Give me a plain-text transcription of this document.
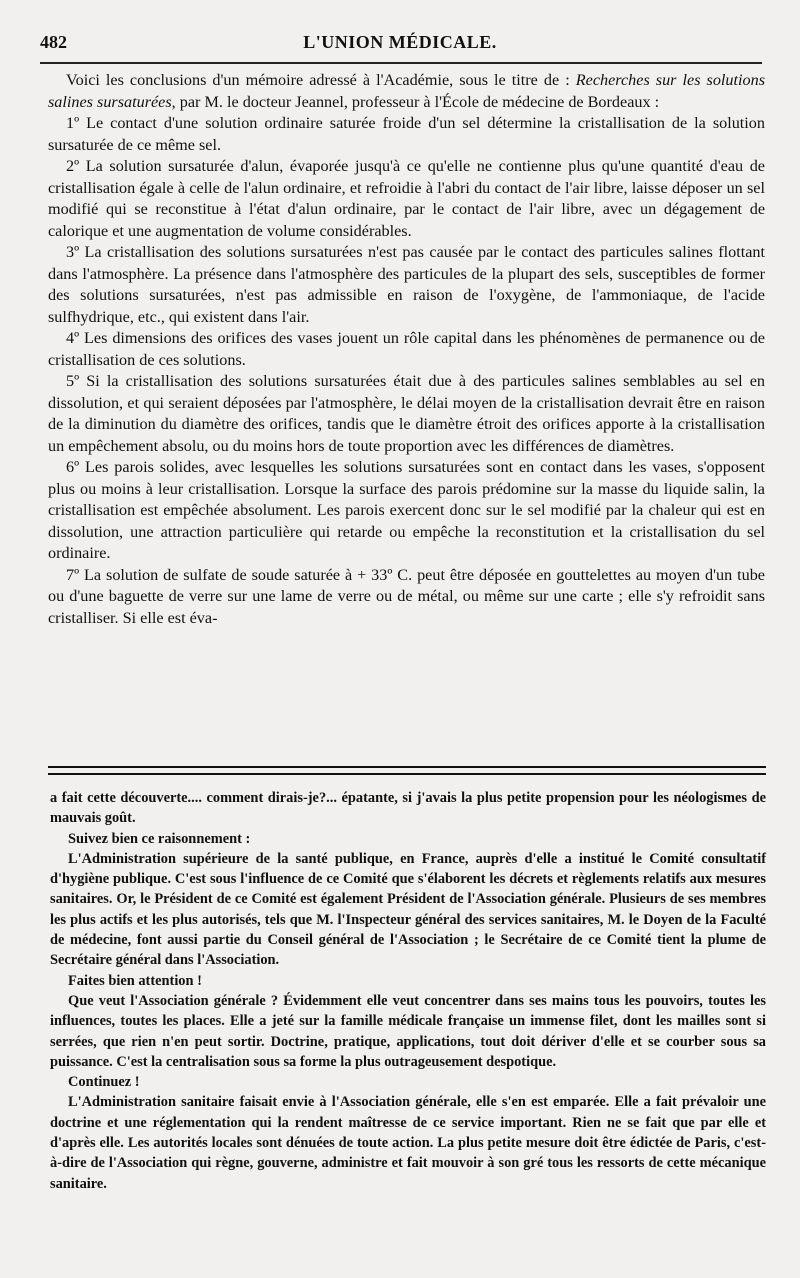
482	L'UNION MÉDICALE.

Voici les conclusions d'un mémoire adressé à l'Académie, sous le titre de : Recherches sur les solutions salines sursaturées, par M. le docteur Jeannel, professeur à l'École de médecine de Bordeaux :

1º Le contact d'une solution ordinaire saturée froide d'un sel détermine la cristallisation de la solution sursaturée de ce même sel.

2º La solution sursaturée d'alun, évaporée jusqu'à ce qu'elle ne contienne plus qu'une quantité d'eau de cristallisation égale à celle de l'alun ordinaire, et refroidie à l'abri du contact de l'air libre, laisse déposer un sel modifié qui se reconstitue à l'état d'alun ordinaire, par le contact de l'air libre, avec un dégagement de calorique et une augmentation de volume considérables.

3º La cristallisation des solutions sursaturées n'est pas causée par le contact des particules salines flottant dans l'atmosphère. La présence dans l'atmosphère des particules de la plupart des sels, susceptibles de former des solutions sursaturées, n'est pas admissible en raison de l'oxygène, de l'ammoniaque, de l'acide sulfhydrique, etc., qui existent dans l'air.

4º Les dimensions des orifices des vases jouent un rôle capital dans les phénomènes de permanence ou de cristallisation de ces solutions.

5º Si la cristallisation des solutions sursaturées était due à des particules salines semblables au sel en dissolution, et qui seraient déposées par l'atmosphère, le délai moyen de la cristallisation devrait être en raison de la diminution du diamètre des orifices, tandis que le diamètre étroit des orifices apporte à la cristallisation un empêchement absolu, ou du moins hors de toute proportion avec les différences de diamètres.

6º Les parois solides, avec lesquelles les solutions sursaturées sont en contact dans les vases, s'opposent plus ou moins à leur cristallisation. Lorsque la surface des parois prédomine sur la masse du liquide salin, la cristallisation est empêchée absolument. Les parois exercent donc sur le sel modifié par la chaleur qui est en dissolution, une attraction particulière qui retarde ou empêche la reconstitution et la cristallisation du sel ordinaire.

7º La solution de sulfate de soude saturée à + 33º C. peut être déposée en gouttelettes au moyen d'un tube ou d'une baguette de verre sur une lame de verre ou de métal, ou même sur une carte ; elle s'y refroidit sans cristalliser. Si elle est éva-

a fait cette découverte.... comment dirais-je?... épatante, si j'avais la plus petite propension pour les néologismes de mauvais goût.

Suivez bien ce raisonnement :

L'Administration supérieure de la santé publique, en France, auprès d'elle a institué le Comité consultatif d'hygiène publique. C'est sous l'influence de ce Comité que s'élaborent les décrets et règlements relatifs aux mesures sanitaires. Or, le Président de ce Comité est également Président de l'Association générale. Plusieurs de ses membres les plus actifs et les plus autorisés, tels que M. l'Inspecteur général des services sanitaires, M. le Doyen de la Faculté de médecine, font aussi partie du Conseil général de l'Association ; le Secrétaire de ce Comité tient la plume de Secrétaire général dans l'Association.

Faites bien attention !

Que veut l'Association générale ? Évidemment elle veut concentrer dans ses mains tous les pouvoirs, toutes les influences, toutes les places. Elle a jeté sur la famille médicale française un immense filet, dont les mailles sont si serrées, que rien n'en peut sortir. Doctrine, pratique, applications, tout doit dériver d'elle et se courber sous sa puissance. C'est la centralisation sous sa forme la plus outrageusement despotique.

Continuez !

L'Administration sanitaire faisait envie à l'Association générale, elle s'en est emparée. Elle a fait prévaloir une doctrine et une réglementation qui la rendent maîtresse de ce service important. Rien ne se fait que par elle et d'après elle. Les autorités locales sont dénuées de toute action. La plus petite mesure doit être édictée de Paris, c'est-à-dire de l'Association qui règne, gouverne, administre et fait mouvoir à son gré tous les ressorts de cette mécanique sanitaire.
